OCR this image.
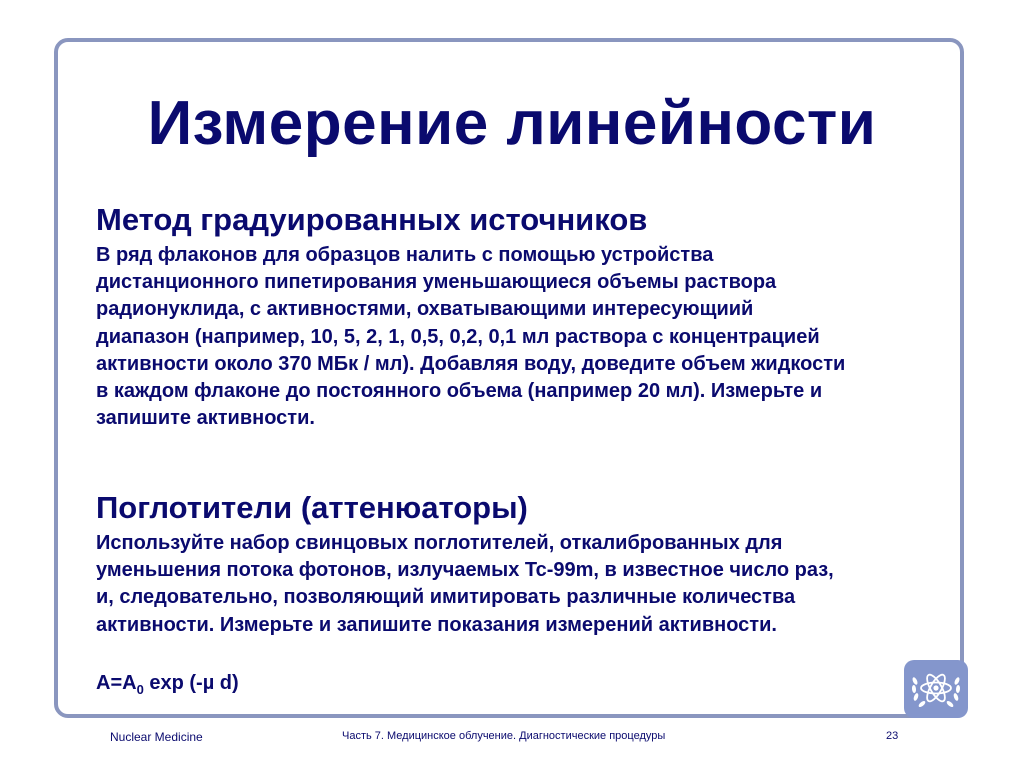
Измерение линейности

Метод градуированных источников

В ряд флаконов для образцов налить с помощью устройства
дистанционного пипетирования уменьшающиеся объемы раствора
радионуклида, с активностями, охватывающими интересующиий
диапазон (например, 10, 5, 2, 1, 0,5, 0,2, 0,1 мл раствора с концентрацией
активности около 370 МБк / мл). Добавляя воду, доведите объем жидкости
в каждом флаконе до постоянного объема (например 20 мл). Измерьте и
запишите активности.

Поглотители (аттенюаторы)

Используйте набор свинцовых поглотителей, откалиброванных для
уменьшения потока фотонов, излучаемых Tc-99m, в известное число раз,
и, следовательно, позволяющий имитировать различные количества
активности. Измерьте и запишите показания измерений активности.

$A=A_0$ exp (-µ d)
Nuclear Medicine	Часть 7. Медицинское облучение. Диагностические процедуры	23
